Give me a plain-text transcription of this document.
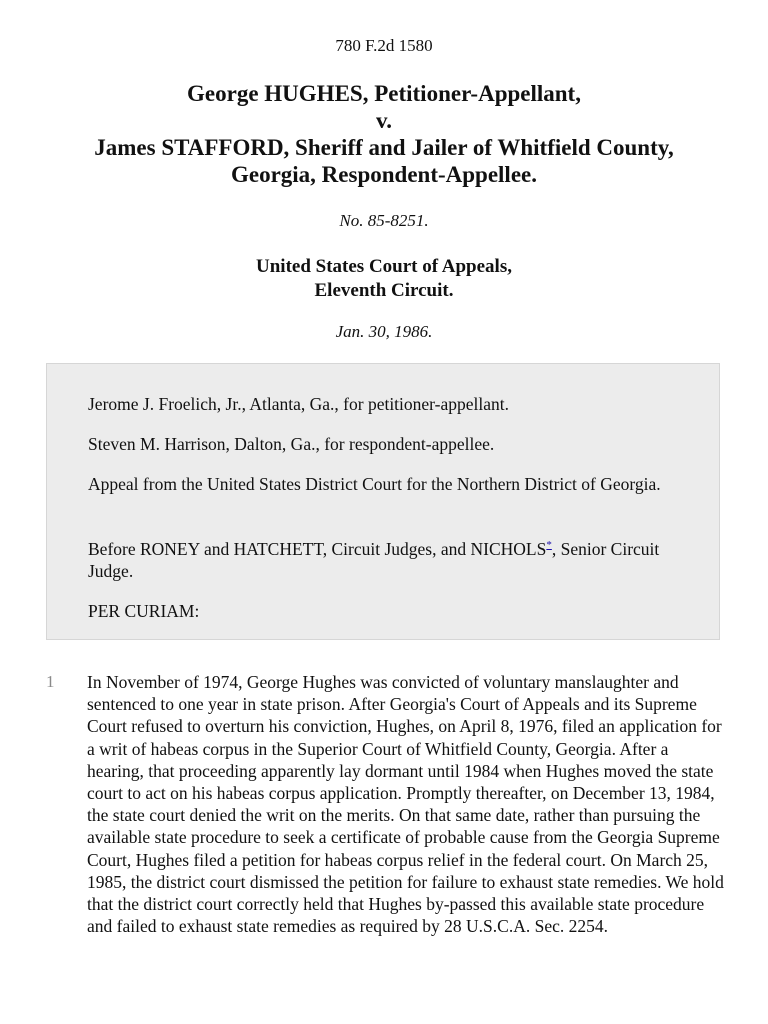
780 F.2d 1580
George HUGHES, Petitioner-Appellant,
v.
James STAFFORD, Sheriff and Jailer of Whitfield County,
Georgia, Respondent-Appellee.
No. 85-8251.
United States Court of Appeals,
Eleventh Circuit.
Jan. 30, 1986.
Jerome J. Froelich, Jr., Atlanta, Ga., for petitioner-appellant.
Steven M. Harrison, Dalton, Ga., for respondent-appellee.
Appeal from the United States District Court for the Northern District of Georgia.
Before RONEY and HATCHETT, Circuit Judges, and NICHOLS*, Senior Circuit Judge.
PER CURIAM:
1	In November of 1974, George Hughes was convicted of voluntary manslaughter and sentenced to one year in state prison. After Georgia's Court of Appeals and its Supreme Court refused to overturn his conviction, Hughes, on April 8, 1976, filed an application for a writ of habeas corpus in the Superior Court of Whitfield County, Georgia. After a hearing, that proceeding apparently lay dormant until 1984 when Hughes moved the state court to act on his habeas corpus application. Promptly thereafter, on December 13, 1984, the state court denied the writ on the merits. On that same date, rather than pursuing the available state procedure to seek a certificate of probable cause from the Georgia Supreme Court, Hughes filed a petition for habeas corpus relief in the federal court. On March 25, 1985, the district court dismissed the petition for failure to exhaust state remedies. We hold that the district court correctly held that Hughes by-passed this available state procedure and failed to exhaust state remedies as required by 28 U.S.C.A. Sec. 2254.
